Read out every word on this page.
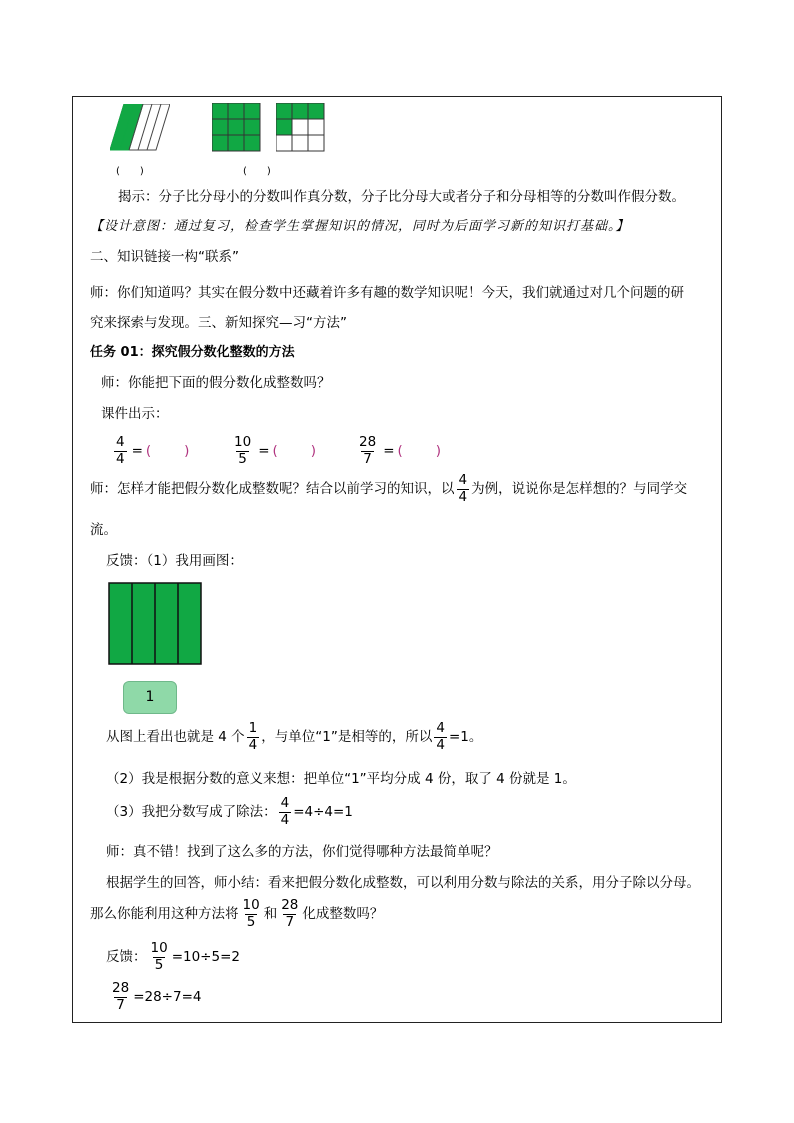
(　　)	(　　)
揭示：分子比分母小的分数叫作真分数，分子比分母大或者分子和分母相等的分数叫作假分数。
【设计意图：通过复习，检查学生掌握知识的情况，同时为后面学习新的知识打基础。】
二、知识链接一构“联系”
师：你们知道吗？其实在假分数中还藏着许多有趣的数学知识呢！今天，我们就通过对几个问题的研
究来探索与发现。三、新知探究—习“方法”
任务 01：探究假分数化整数的方法
师：你能把下面的假分数化成整数吗？
课件出示：
$\frac{4}{4}$ = (　　)	$\frac{10}{5}$ = (　　)	$\frac{28}{7}$ = (　　)
师：怎样才能把假分数化成整数呢？结合以前学习的知识，以 $\frac{4}{4}$ 为例，说说你是怎样想的？与同学交
流。
反馈：（1）我用画图：
1
从图上看出也就是 4 个 $\frac{1}{4}$ ，与单位“1”是相等的，所以 $\frac{4}{4} =1$。
（2）我是根据分数的意义来想：把单位“1”平均分成 4 份，取了 4 份就是 1。
（3）我把分数写成了除法： $\frac{4}{4} =4\div 4=1$
师：真不错！找到了这么多的方法，你们觉得哪种方法最简单呢？
根据学生的回答，师小结：看来把假分数化成整数，可以利用分数与除法的关系，用分子除以分母。
那么你能利用这种方法将 $\frac{10}{5}$ 和 $\frac{28}{7}$ 化成整数吗？
反馈： $\frac{10}{5} =10\div 5=2$
$\frac{28}{7} =28\div 7=4$
